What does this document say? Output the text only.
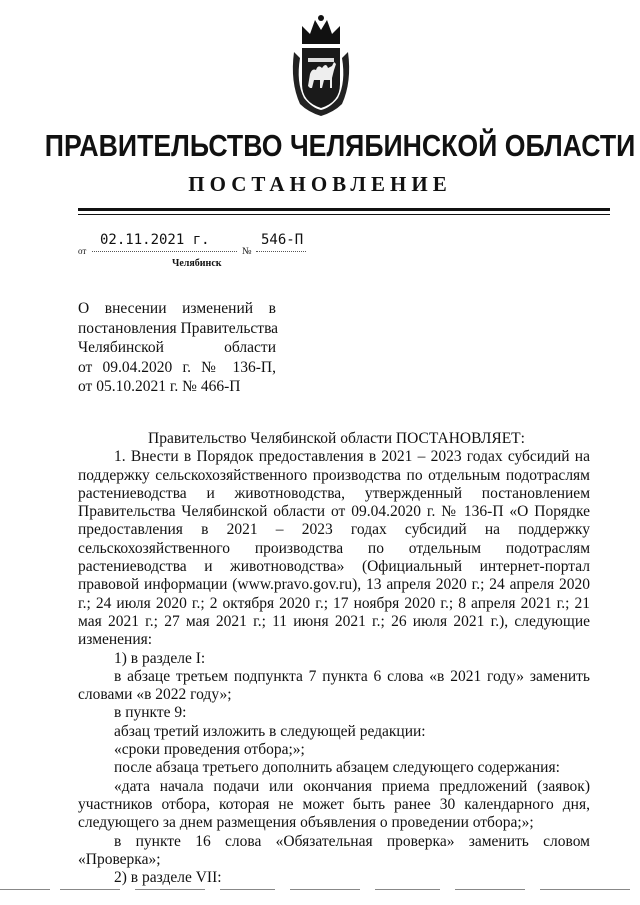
ПРАВИТЕЛЬСТВО ЧЕЛЯБИНСКОЙ ОБЛАСТИ
ПОСТАНОВЛЕНИЕ
от
02.11.2021 г.
№
546-П
Челябинск
О внесении изменений в
постановления Правительства
Челябинской области
от 09.04.2020 г. № 136-П,
от 05.10.2021 г. № 466-П
Правительство Челябинской области ПОСТАНОВЛЯЕТ:
1. Внести в Порядок предоставления в 2021 – 2023 годах субсидий на поддержку сельскохозяйственного производства по отдельным подотраслям растениеводства и животноводства, утвержденный постановлением Правительства Челябинской области от 09.04.2020 г. № 136-П «О Порядке предоставления в 2021 – 2023 годах субсидий на поддержку сельскохозяйственного производства по отдельным подотраслям растениеводства и животноводства» (Официальный интернет-портал правовой информации (www.pravo.gov.ru), 13 апреля 2020 г.; 24 апреля 2020 г.; 24 июля 2020 г.; 2 октября 2020 г.; 17 ноября 2020 г.; 8 апреля 2021 г.; 21 мая 2021 г.; 27 мая 2021 г.; 11 июня 2021 г.; 26 июля 2021 г.), следующие изменения:
1) в разделе I:
в абзаце третьем подпункта 7 пункта 6 слова «в 2021 году» заменить словами «в 2022 году»;
в пункте 9:
абзац третий изложить в следующей редакции:
«сроки проведения отбора;»;
после абзаца третьего дополнить абзацем следующего содержания:
«дата начала подачи или окончания приема предложений (заявок) участников отбора, которая не может быть ранее 30 календарного дня, следующего за днем размещения объявления о проведении отбора;»;
в пункте 16 слова «Обязательная проверка» заменить словом «Проверка»;
2) в разделе VII:
